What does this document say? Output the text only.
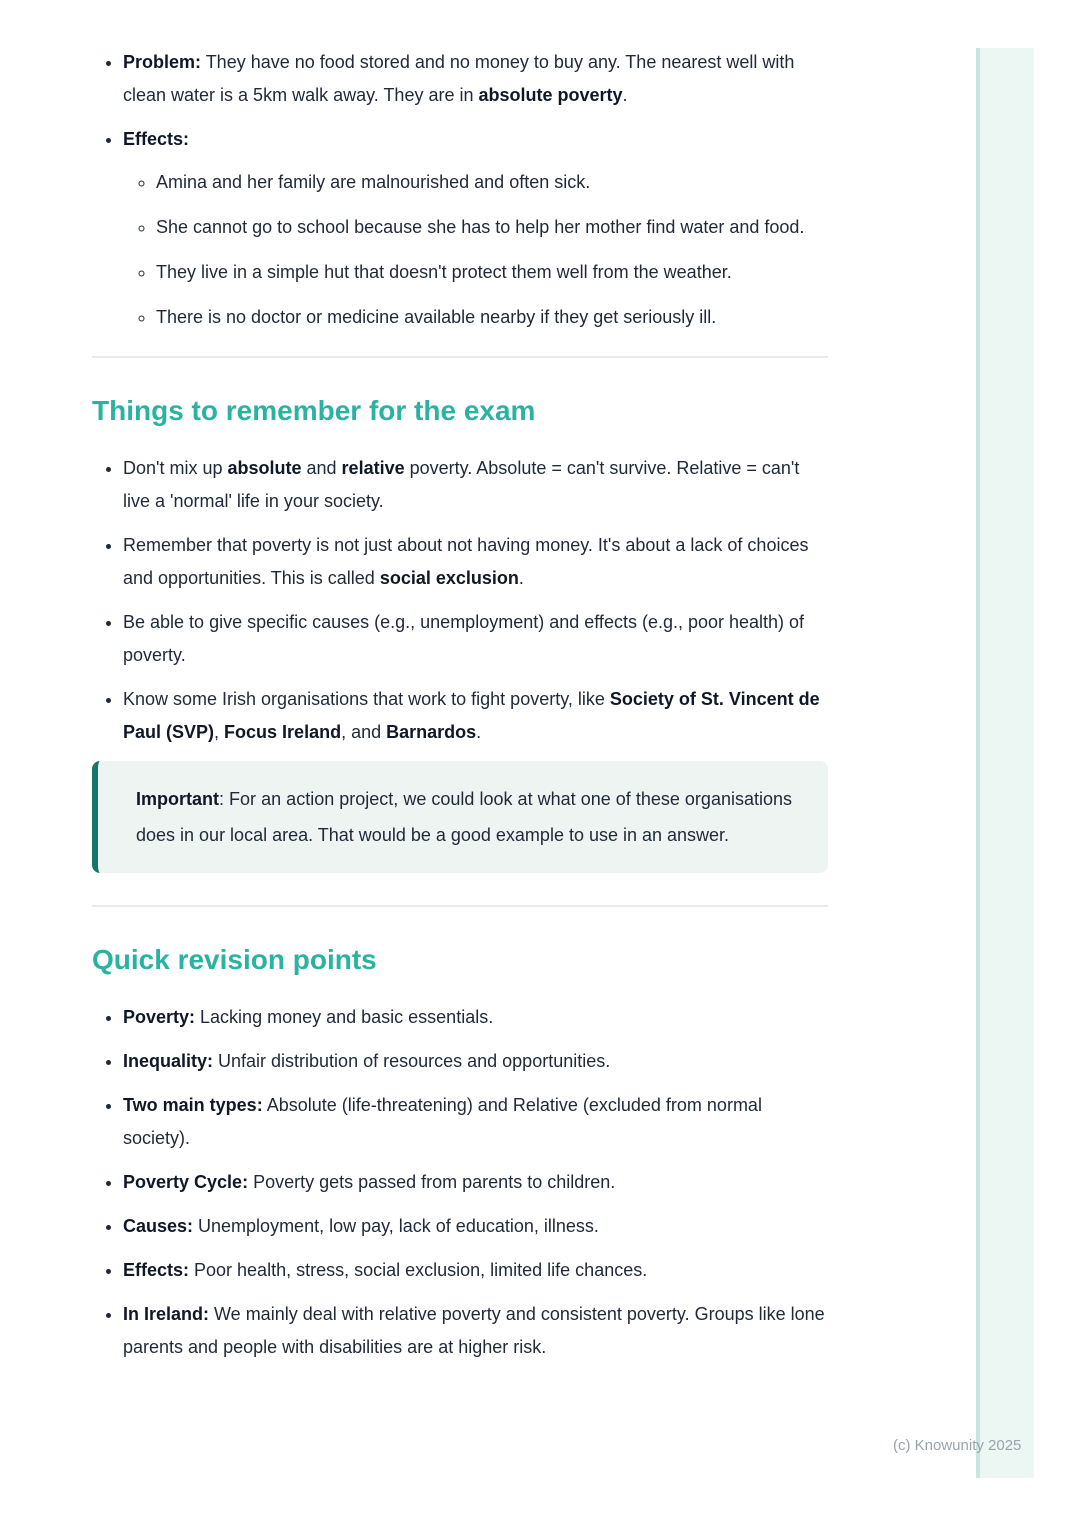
• Problem: They have no food stored and no money to buy any. The nearest well with clean water is a 5km walk away. They are in absolute poverty.
• Effects:
◦ Amina and her family are malnourished and often sick.
◦ She cannot go to school because she has to help her mother find water and food.
◦ They live in a simple hut that doesn't protect them well from the weather.
◦ There is no doctor or medicine available nearby if they get seriously ill.
Things to remember for the exam
• Don't mix up absolute and relative poverty. Absolute = can't survive. Relative = can't live a 'normal' life in your society.
• Remember that poverty is not just about not having money. It's about a lack of choices and opportunities. This is called social exclusion.
• Be able to give specific causes (e.g., unemployment) and effects (e.g., poor health) of poverty.
• Know some Irish organisations that work to fight poverty, like Society of St. Vincent de Paul (SVP), Focus Ireland, and Barnardos.

Important: For an action project, we could look at what one of these organisations does in our local area. That would be a good example to use in an answer.

Quick revision points
• Poverty: Lacking money and basic essentials.
• Inequality: Unfair distribution of resources and opportunities.
• Two main types: Absolute (life-threatening) and Relative (excluded from normal society).
• Poverty Cycle: Poverty gets passed from parents to children.
• Causes: Unemployment, low pay, lack of education, illness.
• Effects: Poor health, stress, social exclusion, limited life chances.
• In Ireland: We mainly deal with relative poverty and consistent poverty. Groups like lone parents and people with disabilities are at higher risk.
(c) Knowunity 2025
